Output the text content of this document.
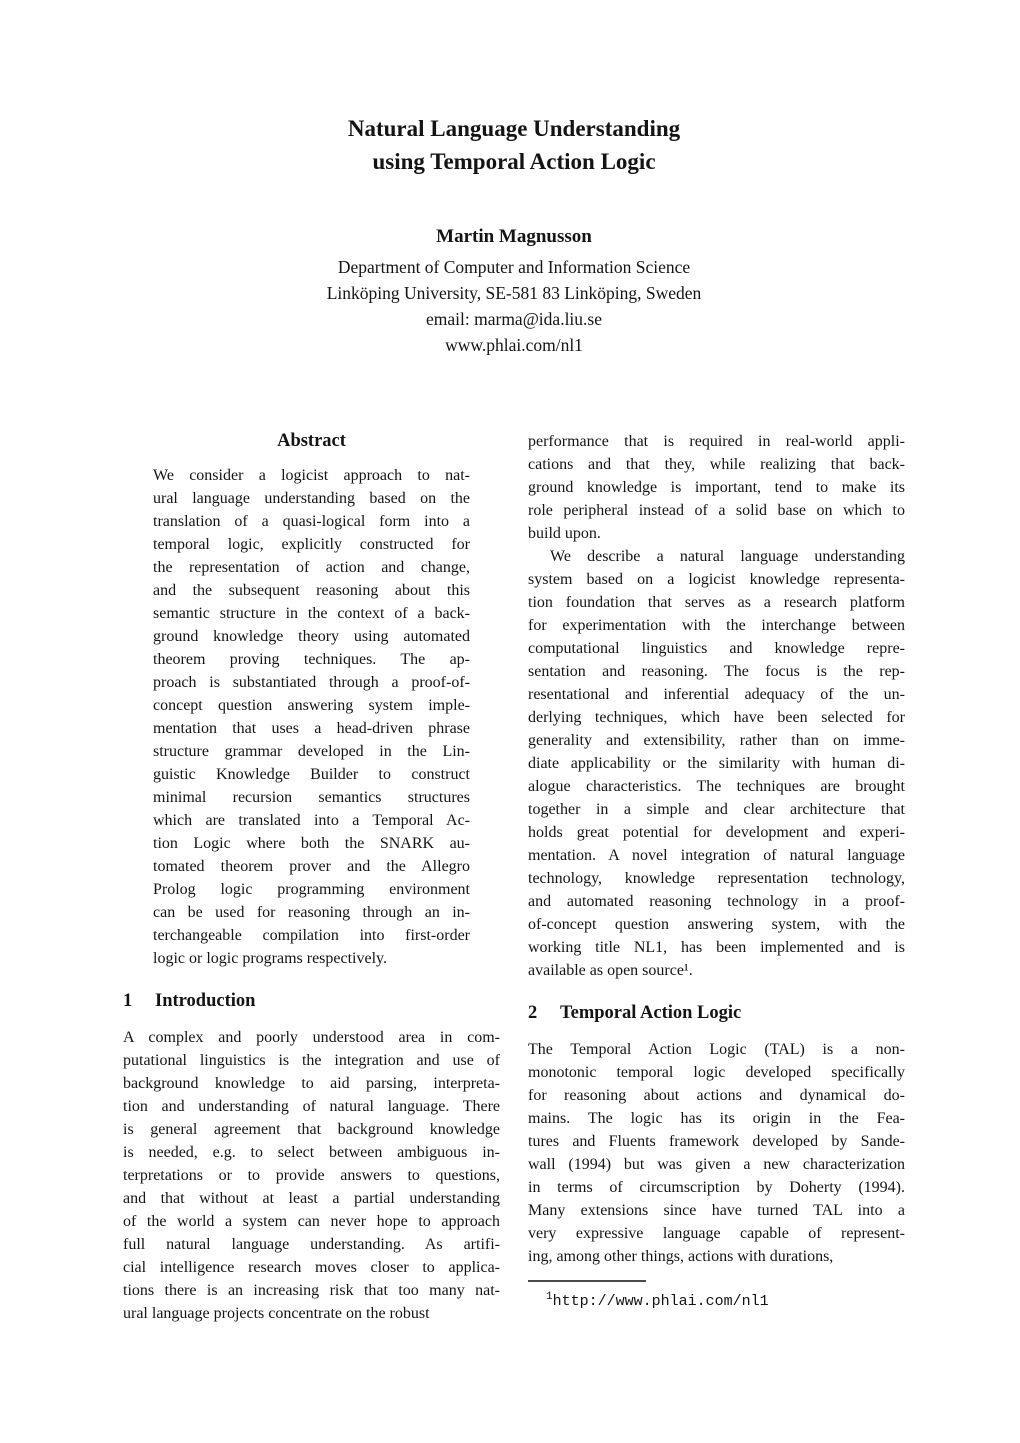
Natural Language Understanding
using Temporal Action Logic
Martin Magnusson
Department of Computer and Information Science
Linköping University, SE-581 83 Linköping, Sweden
email: marma@ida.liu.se
www.phlai.com/nl1
Abstract
We consider a logicist approach to nat-
ural language understanding based on the
translation of a quasi-logical form into a
temporal logic, explicitly constructed for
the representation of action and change,
and the subsequent reasoning about this
semantic structure in the context of a back-
ground knowledge theory using automated
theorem proving techniques. The ap-
proach is substantiated through a proof-of-
concept question answering system imple-
mentation that uses a head-driven phrase
structure grammar developed in the Lin-
guistic Knowledge Builder to construct
minimal recursion semantics structures
which are translated into a Temporal Ac-
tion Logic where both the SNARK au-
tomated theorem prover and the Allegro
Prolog logic programming environment
can be used for reasoning through an in-
terchangeable compilation into first-order
logic or logic programs respectively.
1 Introduction
A complex and poorly understood area in com-
putational linguistics is the integration and use of
background knowledge to aid parsing, interpreta-
tion and understanding of natural language. There
is general agreement that background knowledge
is needed, e.g. to select between ambiguous in-
terpretations or to provide answers to questions,
and that without at least a partial understanding
of the world a system can never hope to approach
full natural language understanding. As artifi-
cial intelligence research moves closer to applica-
tions there is an increasing risk that too many nat-
ural language projects concentrate on the robust
performance that is required in real-world appli-
cations and that they, while realizing that back-
ground knowledge is important, tend to make its
role peripheral instead of a solid base on which to
build upon.
We describe a natural language understanding
system based on a logicist knowledge representa-
tion foundation that serves as a research platform
for experimentation with the interchange between
computational linguistics and knowledge repre-
sentation and reasoning. The focus is the rep-
resentational and inferential adequacy of the un-
derlying techniques, which have been selected for
generality and extensibility, rather than on imme-
diate applicability or the similarity with human di-
alogue characteristics. The techniques are brought
together in a simple and clear architecture that
holds great potential for development and experi-
mentation. A novel integration of natural language
technology, knowledge representation technology,
and automated reasoning technology in a proof-
of-concept question answering system, with the
working title NL1, has been implemented and is
available as open source¹.
2 Temporal Action Logic
The Temporal Action Logic (TAL) is a non-
monotonic temporal logic developed specifically
for reasoning about actions and dynamical do-
mains. The logic has its origin in the Fea-
tures and Fluents framework developed by Sande-
wall (1994) but was given a new characterization
in terms of circumscription by Doherty (1994).
Many extensions since have turned TAL into a
very expressive language capable of represent-
ing, among other things, actions with durations,
$^1$http://www.phlai.com/nl1
